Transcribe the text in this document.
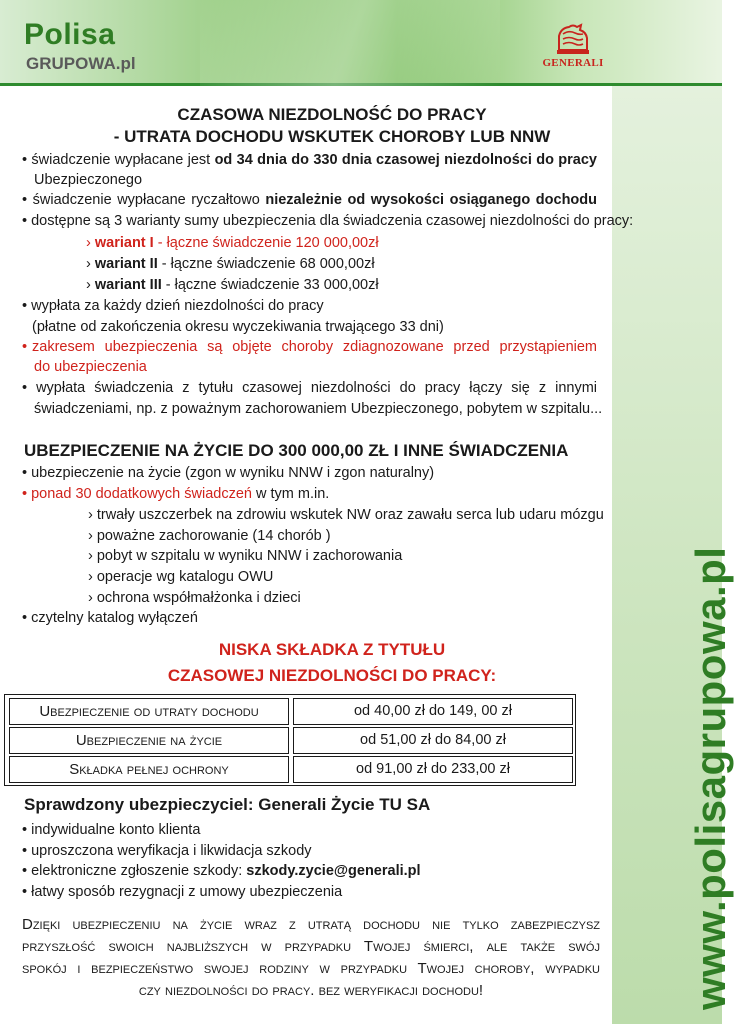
Polisa
GRUPOWA.pl	GENERALI
www.polisagrupowa.pl
CZASOWA NIEZDOLNOŚĆ DO PRACY
- UTRATA DOCHODU WSKUTEK CHOROBY LUB NNW
• świadczenie wypłacane jest od 34 dnia do 330 dnia czasowej niezdolności do pracy
Ubezpieczonego
• świadczenie wypłacane ryczałtowo niezależnie od wysokości osiąganego dochodu
• dostępne są 3 warianty sumy ubezpieczenia dla świadczenia czasowej niezdolności do pracy:
› wariant I - łączne świadczenie 120 000,00zł
› wariant II - łączne świadczenie 68 000,00zł
› wariant III - łączne świadczenie 33 000,00zł
• wypłata za każdy dzień niezdolności do pracy
(płatne od zakończenia okresu wyczekiwania trwającego 33 dni)
• zakresem ubezpieczenia są objęte choroby zdiagnozowane przed przystąpieniem
do ubezpieczenia
• wypłata świadczenia z tytułu czasowej niezdolności do pracy łączy się z innymi
świadczeniami, np. z poważnym zachorowaniem Ubezpieczonego, pobytem w szpitalu...
UBEZPIECZENIE NA ŻYCIE DO 300 000,00 ZŁ I INNE ŚWIADCZENIA
• ubezpieczenie na życie (zgon w wyniku NNW i zgon naturalny)
• ponad 30 dodatkowych świadczeń w tym m.in.
› trwały uszczerbek na zdrowiu wskutek NW oraz zawału serca lub udaru mózgu
› poważne zachorowanie (14 chorób )
› pobyt w szpitalu w wyniku NNW i zachorowania
› operacje wg katalogu OWU
› ochrona współmałżonka i dzieci
• czytelny katalog wyłączeń
NISKA SKŁADKA Z TYTUŁU
CZASOWEJ NIEZDOLNOŚCI DO PRACY:
Ubezpieczenie od utraty dochodu	od 40,00 zł do 149, 00 zł
Ubezpieczenie na życie	od 51,00 zł do 84,00 zł
Składka pełnej ochrony	od 91,00 zł do 233,00 zł
Sprawdzony ubezpieczyciel: Generali Życie TU SA
• indywidualne konto klienta
• uproszczona weryfikacja i likwidacja szkody
• elektroniczne zgłoszenie szkody: szkody.zycie@generali.pl
• łatwy sposób rezygnacji z umowy ubezpieczenia
Dzięki ubezpieczeniu na życie wraz z utratą dochodu nie tylko zabezpieczysz
przyszłość swoich najbliższych w przypadku Twojej śmierci, ale także swój
spokój i bezpieczeństwo swojej rodziny w przypadku Twojej choroby, wypadku
czy niezdolności do pracy. bez weryfikacji dochodu!
